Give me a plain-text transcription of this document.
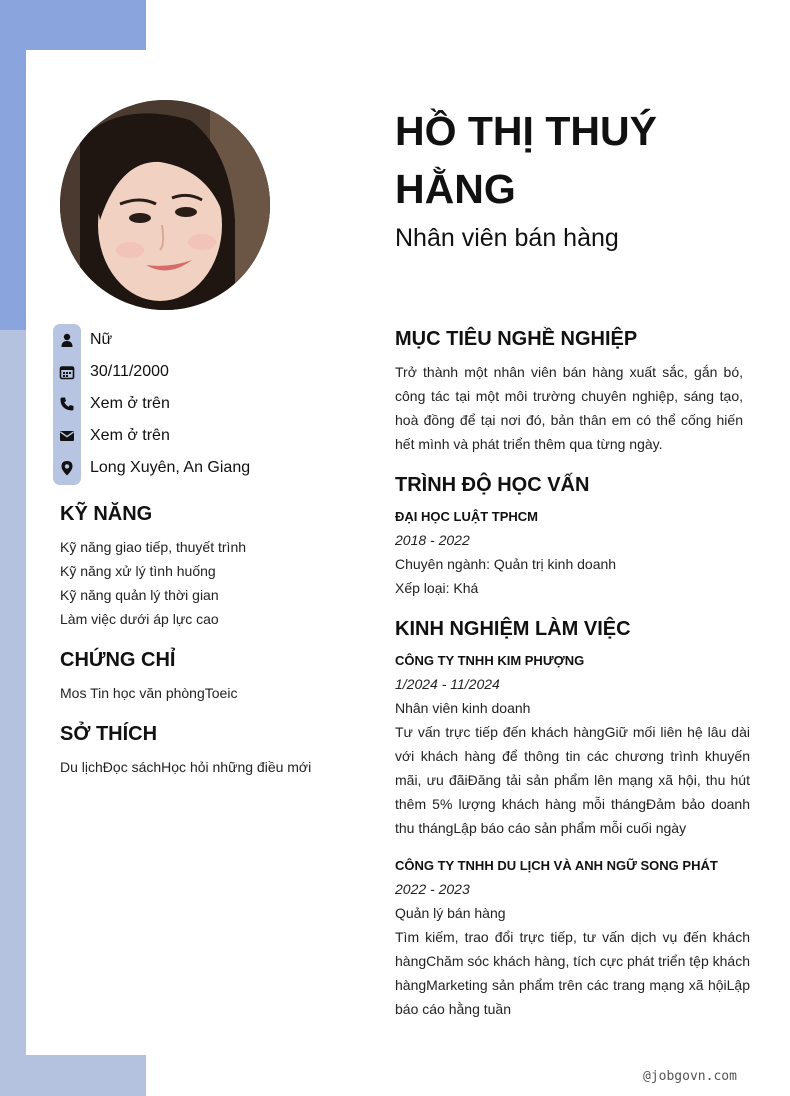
HỒ THỊ THUÝ HẰNG
Nhân viên bán hàng
Nữ
30/11/2000
Xem ở trên
Xem ở trên
Long Xuyên, An Giang
KỸ NĂNG
Kỹ năng giao tiếp, thuyết trình
Kỹ năng xử lý tình huống
Kỹ năng quản lý thời gian
Làm việc dưới áp lực cao
CHỨNG CHỈ
Mos Tin học văn phòngToeic
SỞ THÍCH
Du lịchĐọc sáchHọc hỏi những điều mới
MỤC TIÊU NGHỀ NGHIỆP
Trở thành một nhân viên bán hàng xuất sắc, gắn bó, công tác tại một môi trường chuyên nghiệp, sáng tạo, hoà đồng để tại nơi đó, bản thân em có thể cống hiến hết mình và phát triển thêm qua từng ngày.
TRÌNH ĐỘ HỌC VẤN
ĐẠI HỌC LUẬT TPHCM
2018 - 2022
Chuyên ngành: Quản trị kinh doanh
Xếp loại: Khá
KINH NGHIỆM LÀM VIỆC
CÔNG TY TNHH KIM PHƯỢNG
1/2024 - 11/2024
Nhân viên kinh doanh
Tư vấn trực tiếp đến khách hàngGiữ mối liên hệ lâu dài với khách hàng để thông tin các chương trình khuyến mãi, ưu đãiĐăng tải sản phẩm lên mạng xã hội, thu hút thêm 5% lượng khách hàng mỗi thángĐảm bảo doanh thu thángLập báo cáo sản phẩm mỗi cuối ngày
CÔNG TY TNHH DU LỊCH VÀ ANH NGỮ SONG PHÁT
2022 - 2023
Quản lý bán hàng
Tìm kiếm, trao đổi trực tiếp, tư vấn dịch vụ đến khách hàngChăm sóc khách hàng, tích cực phát triển tệp khách hàngMarketing sản phẩm trên các trang mạng xã hộiLập báo cáo hằng tuần
@jobgovn.com
